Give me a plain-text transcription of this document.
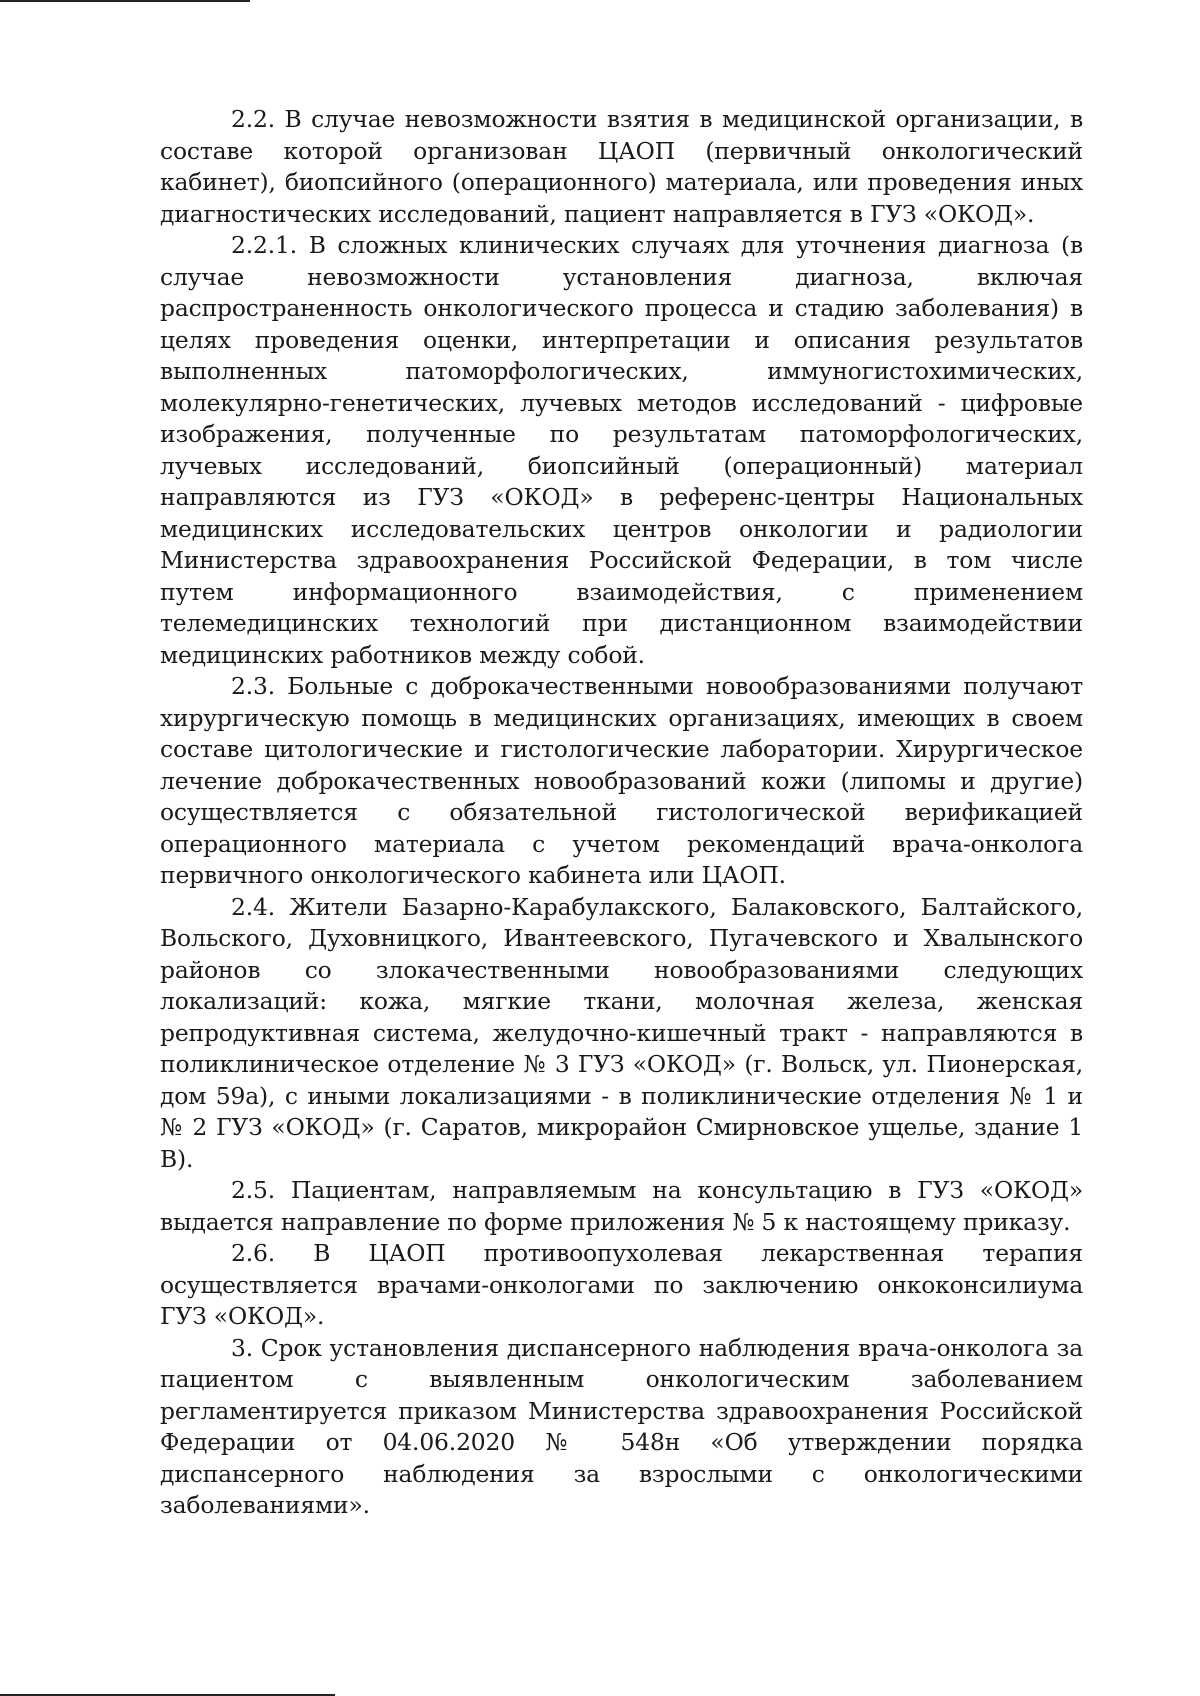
2.2. В случае невозможности взятия в медицинской организации, в составе которой организован ЦАОП (первичный онкологический кабинет), биопсийного (операционного) материала, или проведения иных диагностических исследований, пациент направляется в ГУЗ «ОКОД».

2.2.1. В сложных клинических случаях для уточнения диагноза (в случае невозможности установления диагноза, включая распространенность онкологического процесса и стадию заболевания) в целях проведения оценки, интерпретации и описания результатов выполненных патоморфологических, иммуногистохимических, молекулярно-генетических, лучевых методов исследований - цифровые изображения, полученные по результатам патоморфологических, лучевых исследований, биопсийный (операционный) материал направляются из ГУЗ «ОКОД» в референс-центры Национальных медицинских исследовательских центров онкологии и радиологии Министерства здравоохранения Российской Федерации, в том числе путем информационного взаимодействия, с применением телемедицинских технологий при дистанционном взаимодействии медицинских работников между собой.

2.3. Больные с доброкачественными новообразованиями получают хирургическую помощь в медицинских организациях, имеющих в своем составе цитологические и гистологические лаборатории. Хирургическое лечение доброкачественных новообразований кожи (липомы и другие) осуществляется с обязательной гистологической верификацией операционного материала с учетом рекомендаций врача-онколога первичного онкологического кабинета или ЦАОП.

2.4. Жители Базарно-Карабулакского, Балаковского, Балтайского, Вольского, Духовницкого, Ивантеевского, Пугачевского и Хвалынского районов со злокачественными новообразованиями следующих локализаций: кожа, мягкие ткани, молочная железа, женская репродуктивная система, желудочно-кишечный тракт - направляются в поликлиническое отделение № 3 ГУЗ «ОКОД» (г. Вольск, ул. Пионерская, дом 59а), с иными локализациями - в поликлинические отделения № 1 и № 2 ГУЗ «ОКОД» (г. Саратов, микрорайон Смирновское ущелье, здание 1 В).

2.5. Пациентам, направляемым на консультацию в ГУЗ «ОКОД» выдается направление по форме приложения № 5 к настоящему приказу.

2.6. В ЦАОП противоопухолевая лекарственная терапия осуществляется врачами-онкологами по заключению онкоконсилиума ГУЗ «ОКОД».

3. Срок установления диспансерного наблюдения врача-онколога за пациентом с выявленным онкологическим заболеванием регламентируется приказом Министерства здравоохранения Российской Федерации от 04.06.2020 № 548н «Об утверждении порядка диспансерного наблюдения за взрослыми с онкологическими заболеваниями».
